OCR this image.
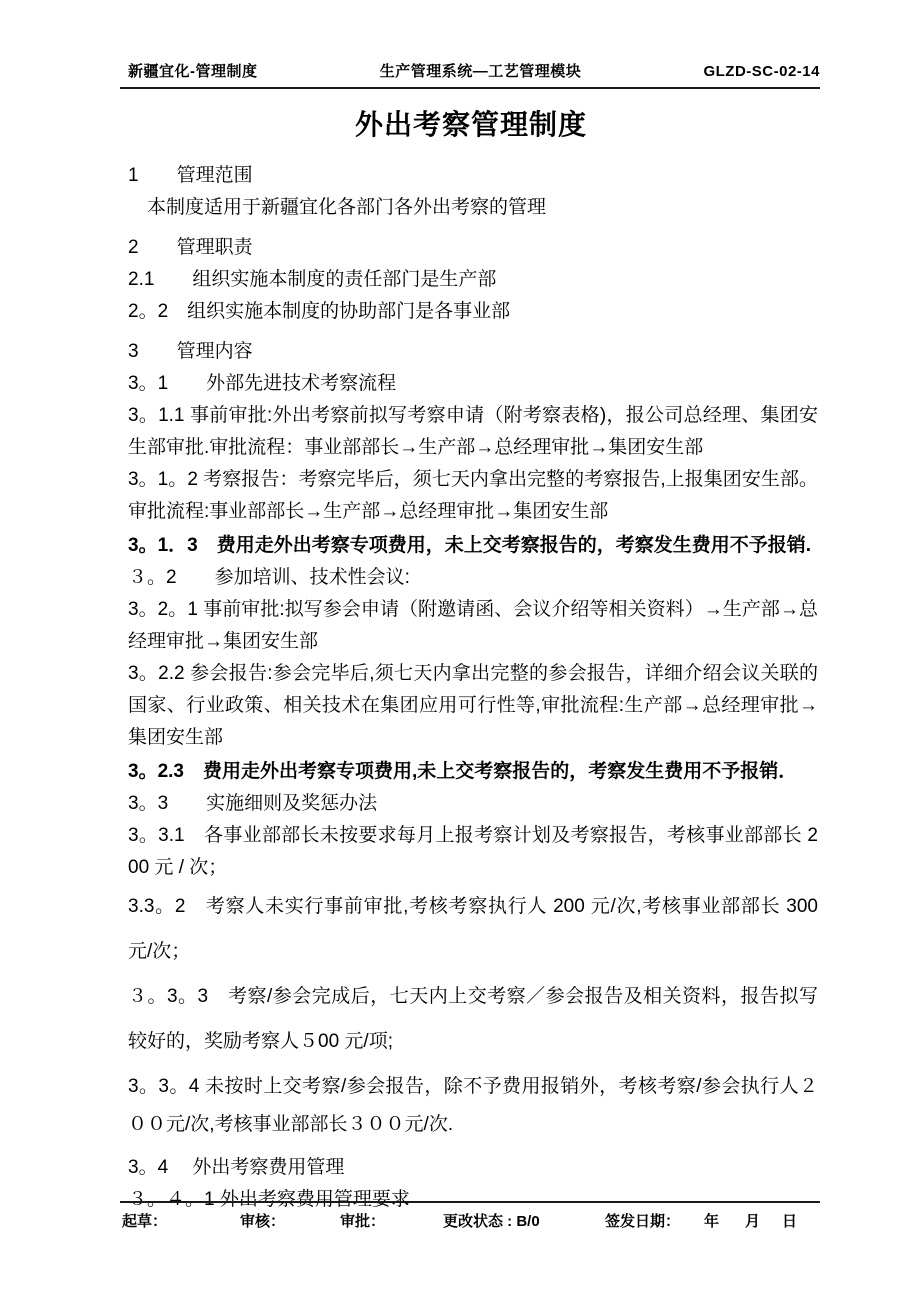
新疆宜化-管理制度	生产管理系统—工艺管理模块	GLZD-SC-02-14
外出考察管理制度

1　　管理范围

　本制度适用于新疆宜化各部门各外出考察的管理

2　　管理职责

2.1　　组织实施本制度的责任部门是生产部

2。2　组织实施本制度的协助部门是各事业部

3　　管理内容

3。1　　外部先进技术考察流程

3。1.1 事前审批:外出考察前拟写考察申请（附考察表格)，报公司总经理、集团安生部审批.审批流程：事业部部长→生产部→总经理审批→集团安生部

3。1。2 考察报告：考察完毕后，须七天内拿出完整的考察报告,上报集团安生部。 审批流程:事业部部长→生产部→总经理审批→集团安生部

3。1．3　费用走外出考察专项费用，未上交考察报告的，考察发生费用不予报销.

３。2　　参加培训、技术性会议:

3。2。1 事前审批:拟写参会申请（附邀请函、会议介绍等相关资料）→生产部→总经理审批→集团安生部

3。2.2 参会报告:参会完毕后,须七天内拿出完整的参会报告，详细介绍会议关联的国家、行业政策、相关技术在集团应用可行性等,审批流程:生产部→总经理审批→集团安生部

3。2.3　费用走外出考察专项费用,未上交考察报告的，考察发生费用不予报销．

3。3　　实施细则及奖惩办法

3。3.1　各事业部部长未按要求每月上报考察计划及考察报告，考核事业部部长 200 元 / 次；

3.3。2　考察人未实行事前审批,考核考察执行人 200 元/次,考核事业部部长 300 元/次；

３。3。3　考察/参会完成后，七天内上交考察／参会报告及相关资料，报告拟写较好的，奖励考察人５00 元/项;

3。3。4 未按时上交考察/参会报告，除不予费用报销外，考核考察/参会执行人２００元/次,考核事业部部长３００元/次.

3。4　 外出考察费用管理

３。４。1 外出考察费用管理要求

起草：	审核：	审批：	更改状态 : B/0	签发日期：	年 月 日
